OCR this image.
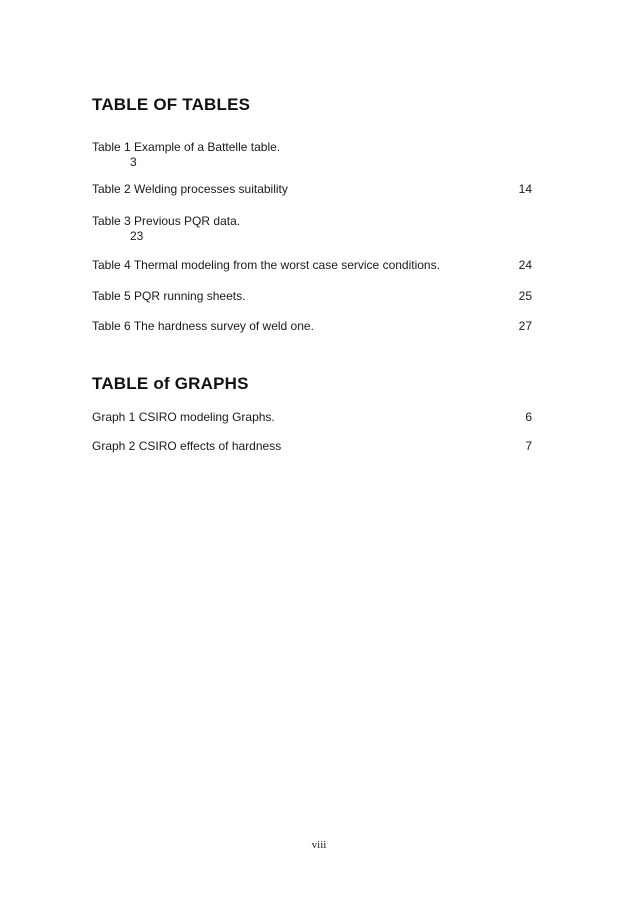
TABLE OF TABLES
Table 1 Example of a Battelle table.
3
Table 2 Welding processes suitability	14
Table 3 Previous PQR data.
23
Table 4 Thermal modeling from the worst case service conditions.	24
Table 5 PQR running sheets.	25
Table 6 The hardness survey of weld one.	27
TABLE of GRAPHS
Graph 1 CSIRO modeling Graphs.	6
Graph 2 CSIRO effects of hardness	7
viii
